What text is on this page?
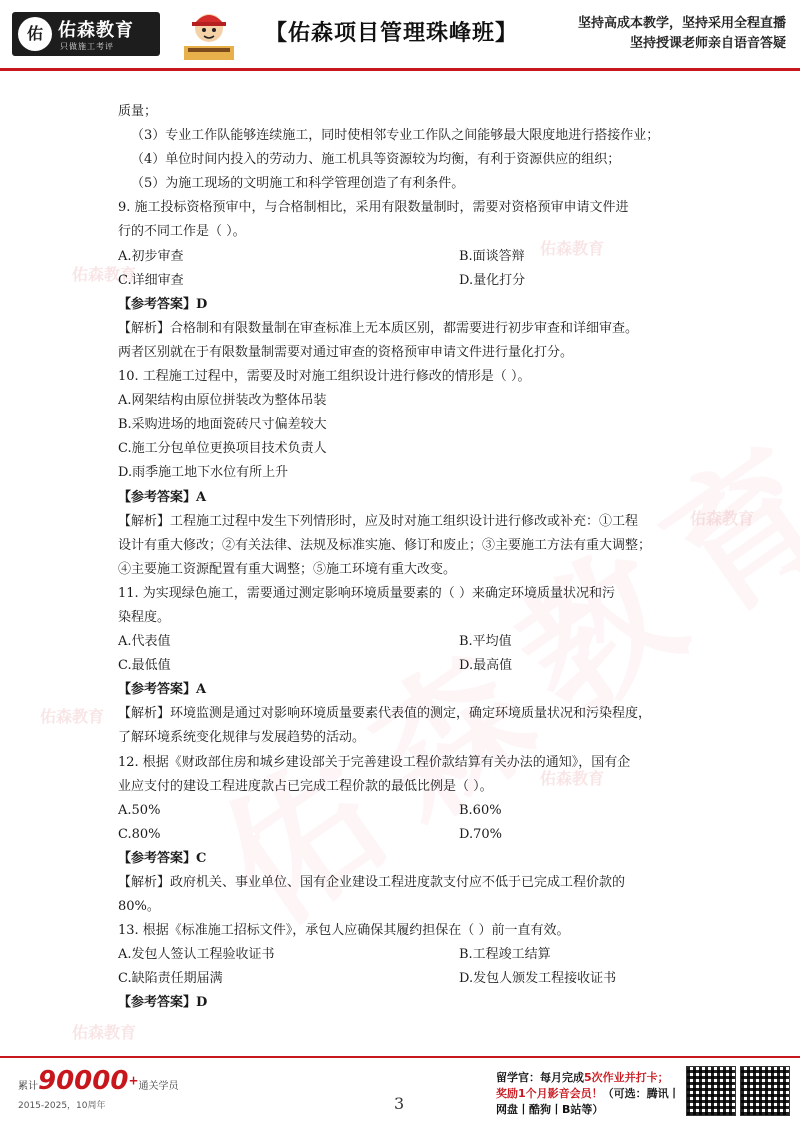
佑 佑森教育
只做施工考评
【佑森项目管理珠峰班】	坚持高成本教学，坚持采用全程直播
坚持授课老师亲自语音答疑
佑森教育
佑森教育
佑森教育
佑森教育
佑森教育
佑森教育
质量；
（3）专业工作队能够连续施工，同时使相邻专业工作队之间能够最大限度地进行搭接作业；
（4）单位时间内投入的劳动力、施工机具等资源较为均衡，有利于资源供应的组织；
（5）为施工现场的文明施工和科学管理创造了有利条件。
9. 施工投标资格预审中，与合格制相比，采用有限数量制时，需要对资格预审申请文件进
行的不同工作是（ ）。
A.初步审查	B.面谈答辩
C.详细审查	D.量化打分
【参考答案】D
【解析】合格制和有限数量制在审查标准上无本质区别，都需要进行初步审查和详细审查。
两者区别就在于有限数量制需要对通过审查的资格预审申请文件进行量化打分。
10. 工程施工过程中，需要及时对施工组织设计进行修改的情形是（ ）。
A.网架结构由原位拼装改为整体吊装
B.采购进场的地面瓷砖尺寸偏差较大
C.施工分包单位更换项目技术负责人
D.雨季施工地下水位有所上升
【参考答案】A
【解析】工程施工过程中发生下列情形时，应及时对施工组织设计进行修改或补充：①工程
设计有重大修改；②有关法律、法规及标准实施、修订和废止；③主要施工方法有重大调整；
④主要施工资源配置有重大调整；⑤施工环境有重大改变。
11. 为实现绿色施工，需要通过测定影响环境质量要素的（ ）来确定环境质量状况和污
染程度。
A.代表值	B.平均值
C.最低值	D.最高值
【参考答案】A
【解析】环境监测是通过对影响环境质量要素代表值的测定，确定环境质量状况和污染程度，
了解环境系统变化规律与发展趋势的活动。
12. 根据《财政部住房和城乡建设部关于完善建设工程价款结算有关办法的通知》，国有企
业应支付的建设工程进度款占已完成工程价款的最低比例是（ ）。
A.50%	B.60%
C.80%	D.70%
【参考答案】C
【解析】政府机关、事业单位、国有企业建设工程进度款支付应不低于已完成工程价款的
80%。
13. 根据《标准施工招标文件》，承包人应确保其履约担保在（ ）前一直有效。
A.发包人签认工程验收证书	B.工程竣工结算
C.缺陷责任期届满	D.发包人颁发工程接收证书
【参考答案】D
累计90000+通关学员
2015-2025，10周年	3
留学官：每月完成5次作业并打卡；
奖励1个月影音会员！（可选：腾讯丨
网盘丨酷狗丨B站等）
